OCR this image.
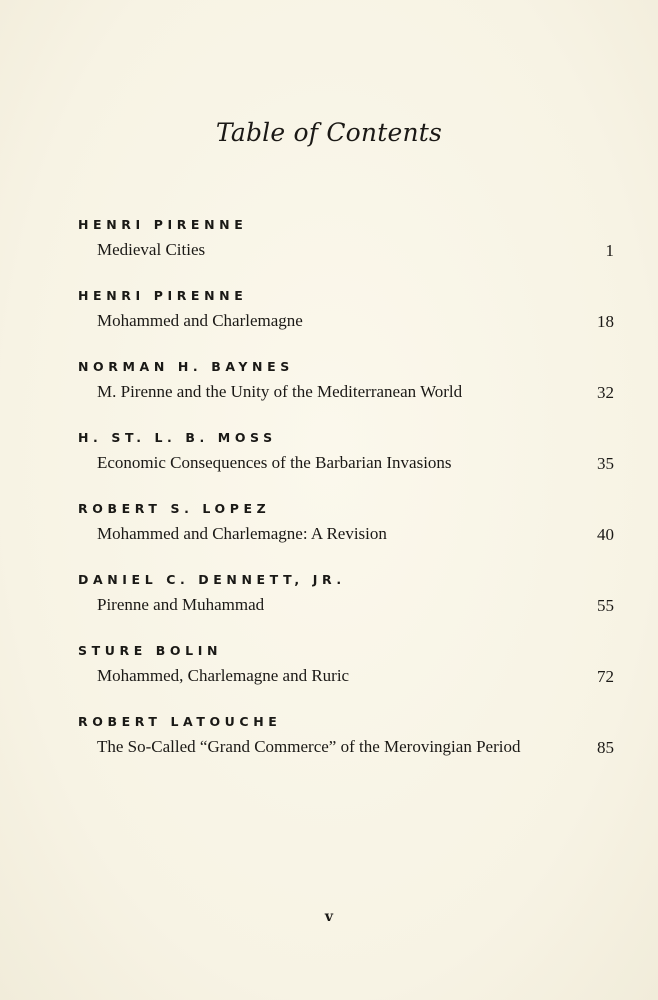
Table of Contents
HENRI PIRENNE
Medieval Cities	1
HENRI PIRENNE
Mohammed and Charlemagne	18
NORMAN H. BAYNES
M. Pirenne and the Unity of the Mediterranean World	32
H. ST. L. B. MOSS
Economic Consequences of the Barbarian Invasions	35
ROBERT S. LOPEZ
Mohammed and Charlemagne: A Revision	40
DANIEL C. DENNETT, JR.
Pirenne and Muhammad	55
STURE BOLIN
Mohammed, Charlemagne and Ruric	72
ROBERT LATOUCHE
The So-Called “Grand Commerce” of the Merovingian Period	85
v
